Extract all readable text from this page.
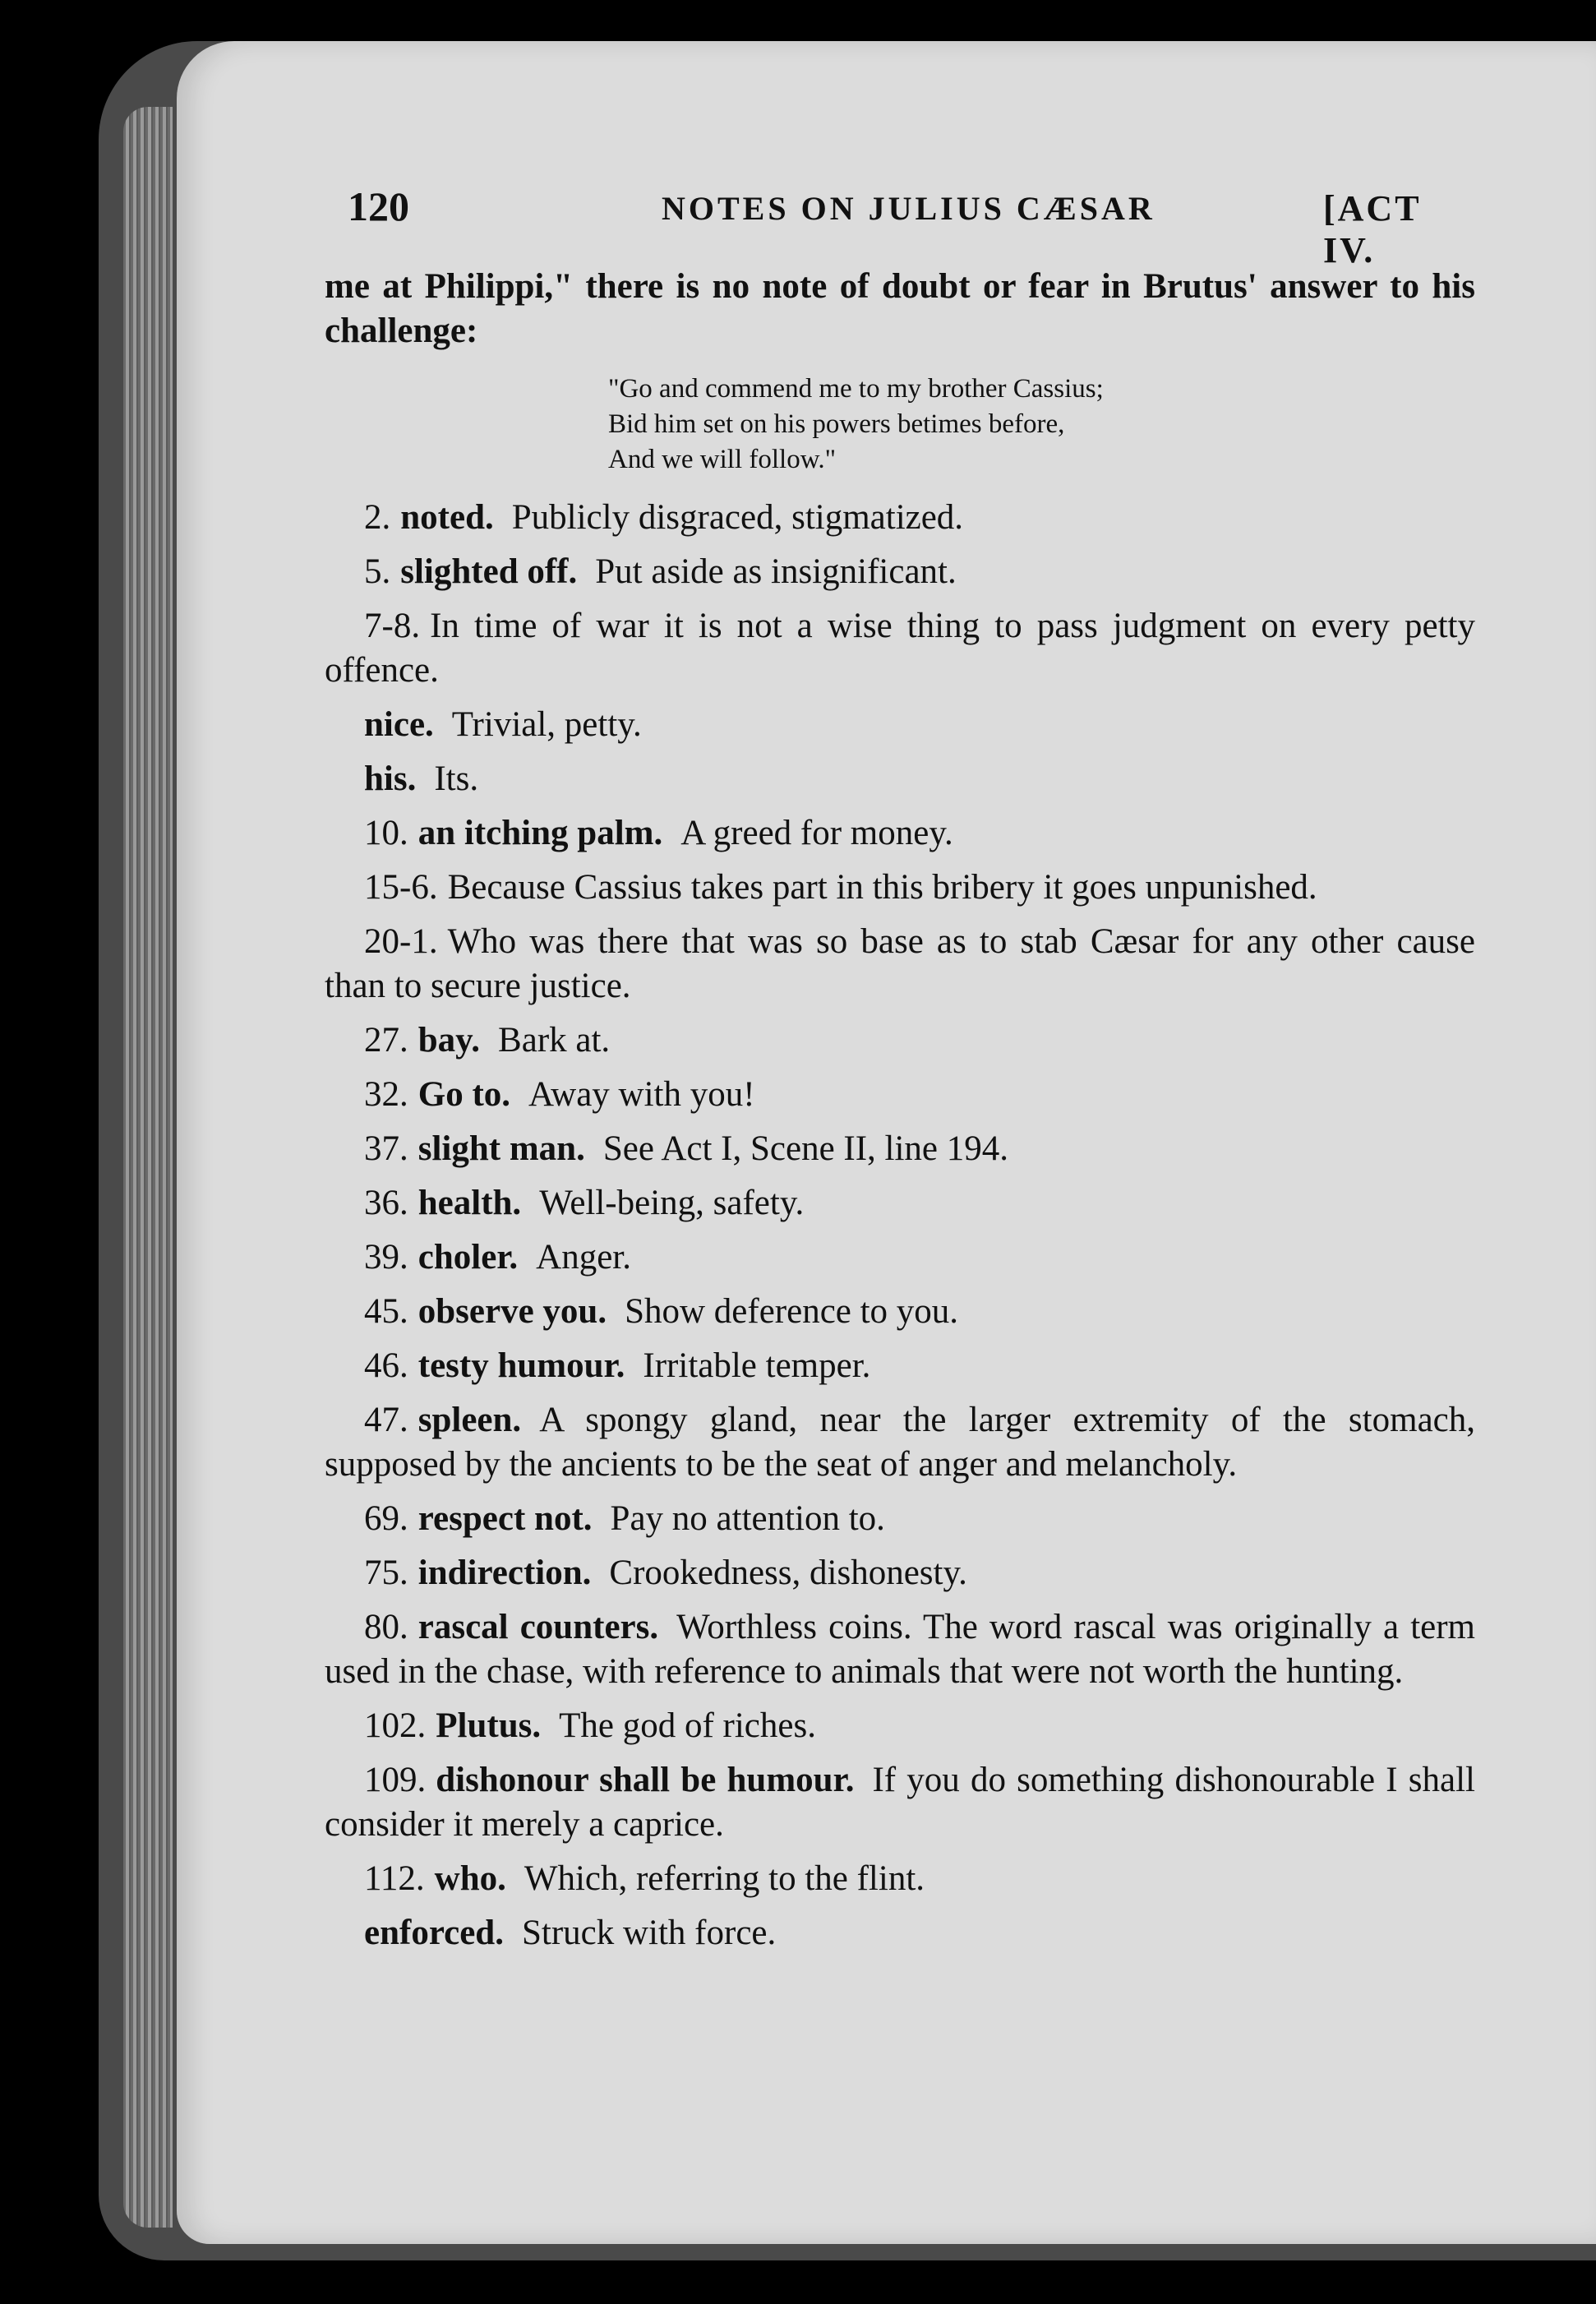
120	NOTES ON JULIUS CÆSAR	[ACT IV.

me at Philippi," there is no note of doubt or fear in Brutus' answer to his challenge:

"Go and commend me to my brother Cassius;
Bid him set on his powers betimes before,
And we will follow."

2. noted. Publicly disgraced, stigmatized.

5. slighted off. Put aside as insignificant.

7-8. In time of war it is not a wise thing to pass judgment on every petty offence.

nice. Trivial, petty.

his. Its.

10. an itching palm. A greed for money.

15-6. Because Cassius takes part in this bribery it goes unpunished.

20-1. Who was there that was so base as to stab Cæsar for any other cause than to secure justice.

27. bay. Bark at.

32. Go to. Away with you!

37. slight man. See Act I, Scene II, line 194.

36. health. Well-being, safety.

39. choler. Anger.

45. observe you. Show deference to you.

46. testy humour. Irritable temper.

47. spleen. A spongy gland, near the larger extremity of the stomach, supposed by the ancients to be the seat of anger and melancholy.

69. respect not. Pay no attention to.

75. indirection. Crookedness, dishonesty.

80. rascal counters. Worthless coins. The word rascal was originally a term used in the chase, with reference to animals that were not worth the hunting.

102. Plutus. The god of riches.

109. dishonour shall be humour. If you do something dishonourable I shall consider it merely a caprice.

112. who. Which, referring to the flint.

enforced. Struck with force.
